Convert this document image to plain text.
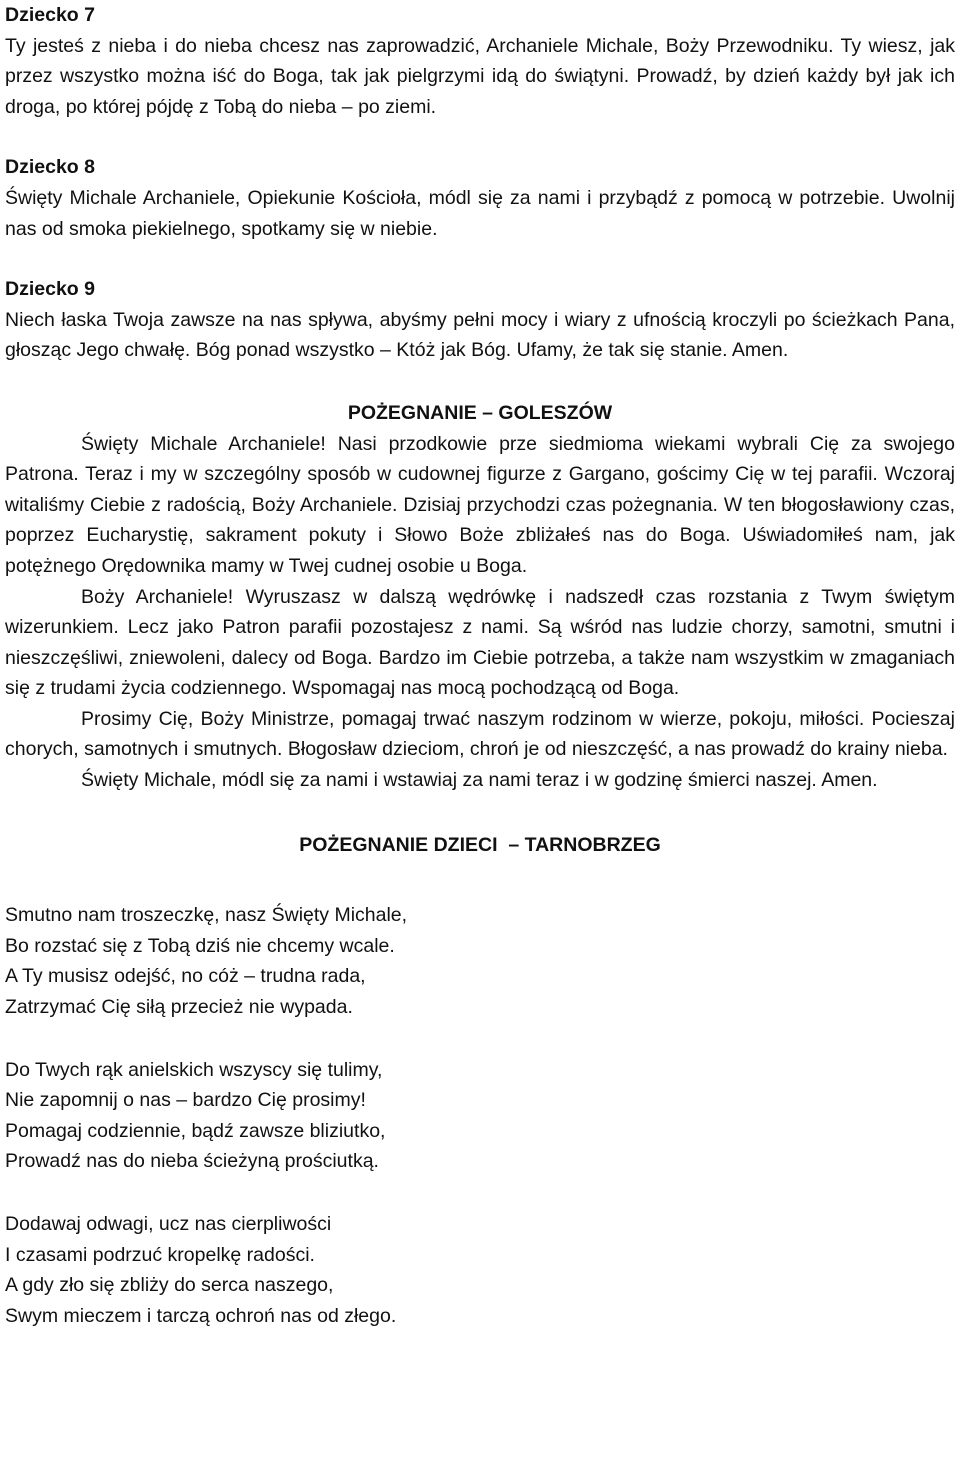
Dziecko 7

Ty jesteś z nieba i do nieba chcesz nas zaprowadzić, Archaniele Michale, Boży Przewodniku. Ty wiesz, jak przez wszystko można iść do Boga, tak jak pielgrzymi idą do świątyni. Prowadź, by dzień każdy był jak ich droga, po której pójdę z Tobą do nieba – po ziemi.

Dziecko 8

Święty Michale Archaniele, Opiekunie Kościoła, módl się za nami i przybądź z pomocą w potrzebie. Uwolnij nas od smoka piekielnego, spotkamy się w niebie.

Dziecko 9

Niech łaska Twoja zawsze na nas spływa, abyśmy pełni mocy i wiary z ufnością kroczyli po ścieżkach Pana, głosząc Jego chwałę. Bóg ponad wszystko – Któż jak Bóg. Ufamy, że tak się stanie. Amen.

POŻEGNANIE – GOLESZÓW

Święty Michale Archaniele! Nasi przodkowie prze siedmioma wiekami wybrali Cię za swojego Patrona. Teraz i my w szczególny sposób w cudownej figurze z Gargano, gościmy Cię w tej parafii. Wczoraj witaliśmy Ciebie z radością, Boży Archaniele. Dzisiaj przychodzi czas pożegnania. W ten błogosławiony czas, poprzez Eucharystię, sakrament pokuty i Słowo Boże zbliżałeś nas do Boga. Uświadomiłeś nam, jak potężnego Orędownika mamy w Twej cudnej osobie u Boga.

Boży Archaniele! Wyruszasz w dalszą wędrówkę i nadszedł czas rozstania z Twym świętym wizerunkiem. Lecz jako Patron parafii pozostajesz z nami. Są wśród nas ludzie chorzy, samotni, smutni i nieszczęśliwi, zniewoleni, dalecy od Boga. Bardzo im Ciebie potrzeba, a także nam wszystkim w zmaganiach się z trudami życia codziennego. Wspomagaj nas mocą pochodzącą od Boga.

Prosimy Cię, Boży Ministrze, pomagaj trwać naszym rodzinom w wierze, pokoju, miłości. Pocieszaj chorych, samotnych i smutnych. Błogosław dzieciom, chroń je od nieszczęść, a nas prowadź do krainy nieba.

Święty Michale, módl się za nami i wstawiaj za nami teraz i w godzinę śmierci naszej. Amen.

POŻEGNANIE DZIECI  – TARNOBRZEG

Smutno nam troszeczkę, nasz Święty Michale,

Bo rozstać się z Tobą dziś nie chcemy wcale.

A Ty musisz odejść, no cóż – trudna rada,

Zatrzymać Cię siłą przecież nie wypada.

Do Twych rąk anielskich wszyscy się tulimy,

Nie zapomnij o nas – bardzo Cię prosimy!

Pomagaj codziennie, bądź zawsze bliziutko,

Prowadź nas do nieba ścieżyną prościutką.

Dodawaj odwagi, ucz nas cierpliwości

I czasami podrzuć kropelkę radości.

A gdy zło się zbliży do serca naszego,

Swym mieczem i tarczą ochroń nas od złego.
